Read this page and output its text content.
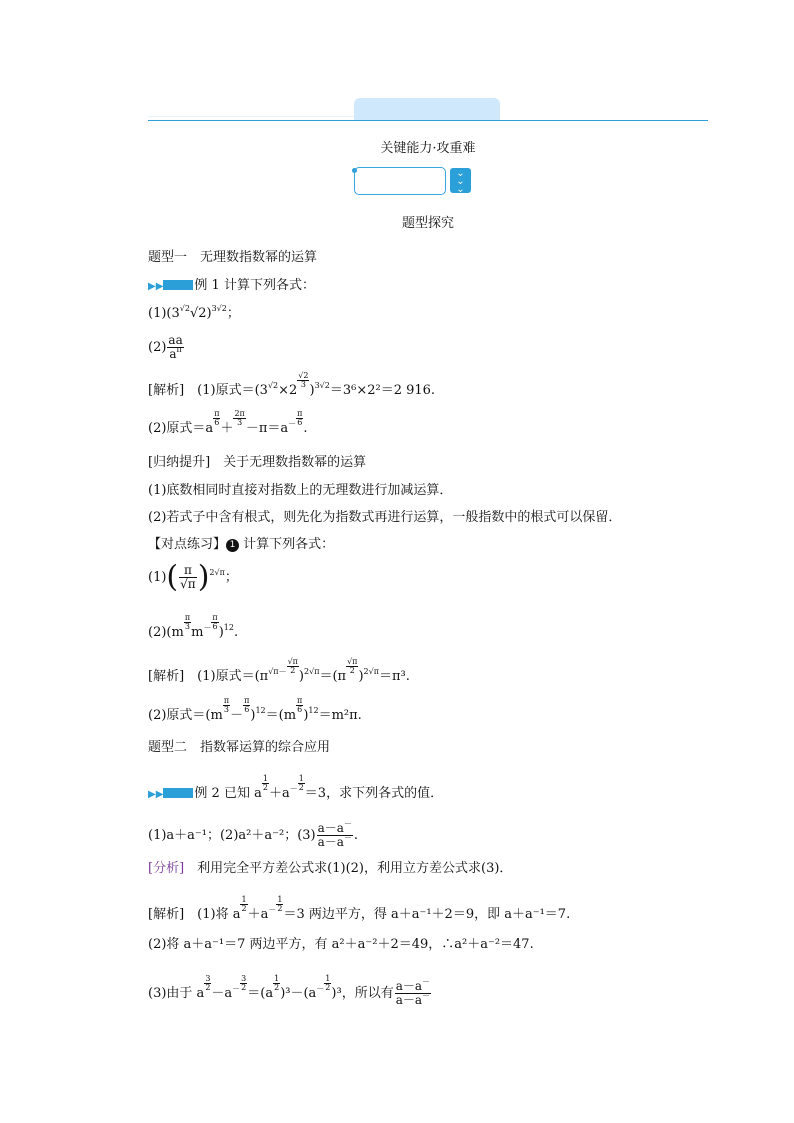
关键能力·攻重难
⌄
⌄
⌄
题型探究
题型一　无理数指数幂的运算
▶▶ 例 1 计算下列各式：
$(1)(3^{√2}√2)^{3√2}$；
$(2) \frac{aa}{a^\pi}$
[解析]　 (1)原式$=(3^{√2}\times 2$
$\frac{√2}{3}$
)$^{3√2}$＝3⁶×2²＝2 916.
(2)原式＝a
$\frac{\pi}{6}$
＋
$\frac{2\pi}{3}$
$-\pi=a^- \frac{\pi}{6}$
.
[归纳提升]　 关于无理数指数幂的运算
(1)底数相同时直接对指数上的无理数进行加减运算．
(2)若式子中含有根式，则先化为指数式再进行运算，一般指数中的根式可以保留．
【对点练习】 1 计算下列各式：
$(1)( \frac{\pi}{√\pi} )^{2√\pi}$；
(2)(m
$\frac{\pi}{3}$
$m^- \frac{\pi}{6}$
)$^{12}$.
[解析]　 (1)原式$=(\pi^{√\pi-} \frac{√\pi}{2}$
)$^{2√\pi}$＝(π
$\frac{√\pi}{2}$
)$^{2√\pi}$＝π³.
(2)原式＝(m
$\frac{\pi}{3}$
－
$\frac{\pi}{6}$
)$^{12}$＝(m
$\frac{\pi}{6}$
)$^{12}$＝m²π.
题型二　指数幂运算的综合应用
▶▶ 例 2 已知 a
$\frac{1}{2}$
$+a^- \frac{1}{2}$
＝3，求下列各式的值．
(1)a＋a⁻¹；(2)a²＋a⁻²；$(3) \frac{a-a^-}{a-a^-}$ .
[分析]　 利用完全平方差公式求(1)(2)，利用立方差公式求(3)．
[解析]　 (1)将 a
$\frac{1}{2}$
$+a^- \frac{1}{2}$
＝3 两边平方，得 a＋a⁻¹＋2＝9，即 a＋a⁻¹＝7.
(2)将 a＋a⁻¹＝7 两边平方，有 a²＋a⁻²＋2＝49，∴a²＋a⁻²＝47.
(3)由于 a
$\frac{3}{2}$
$-a^- \frac{3}{2}$
＝(a
$\frac{1}{2}$
)$^3-(a^- \frac{1}{2}$
)³，所以有 $\frac{a-a^-}{a-a^-}$
